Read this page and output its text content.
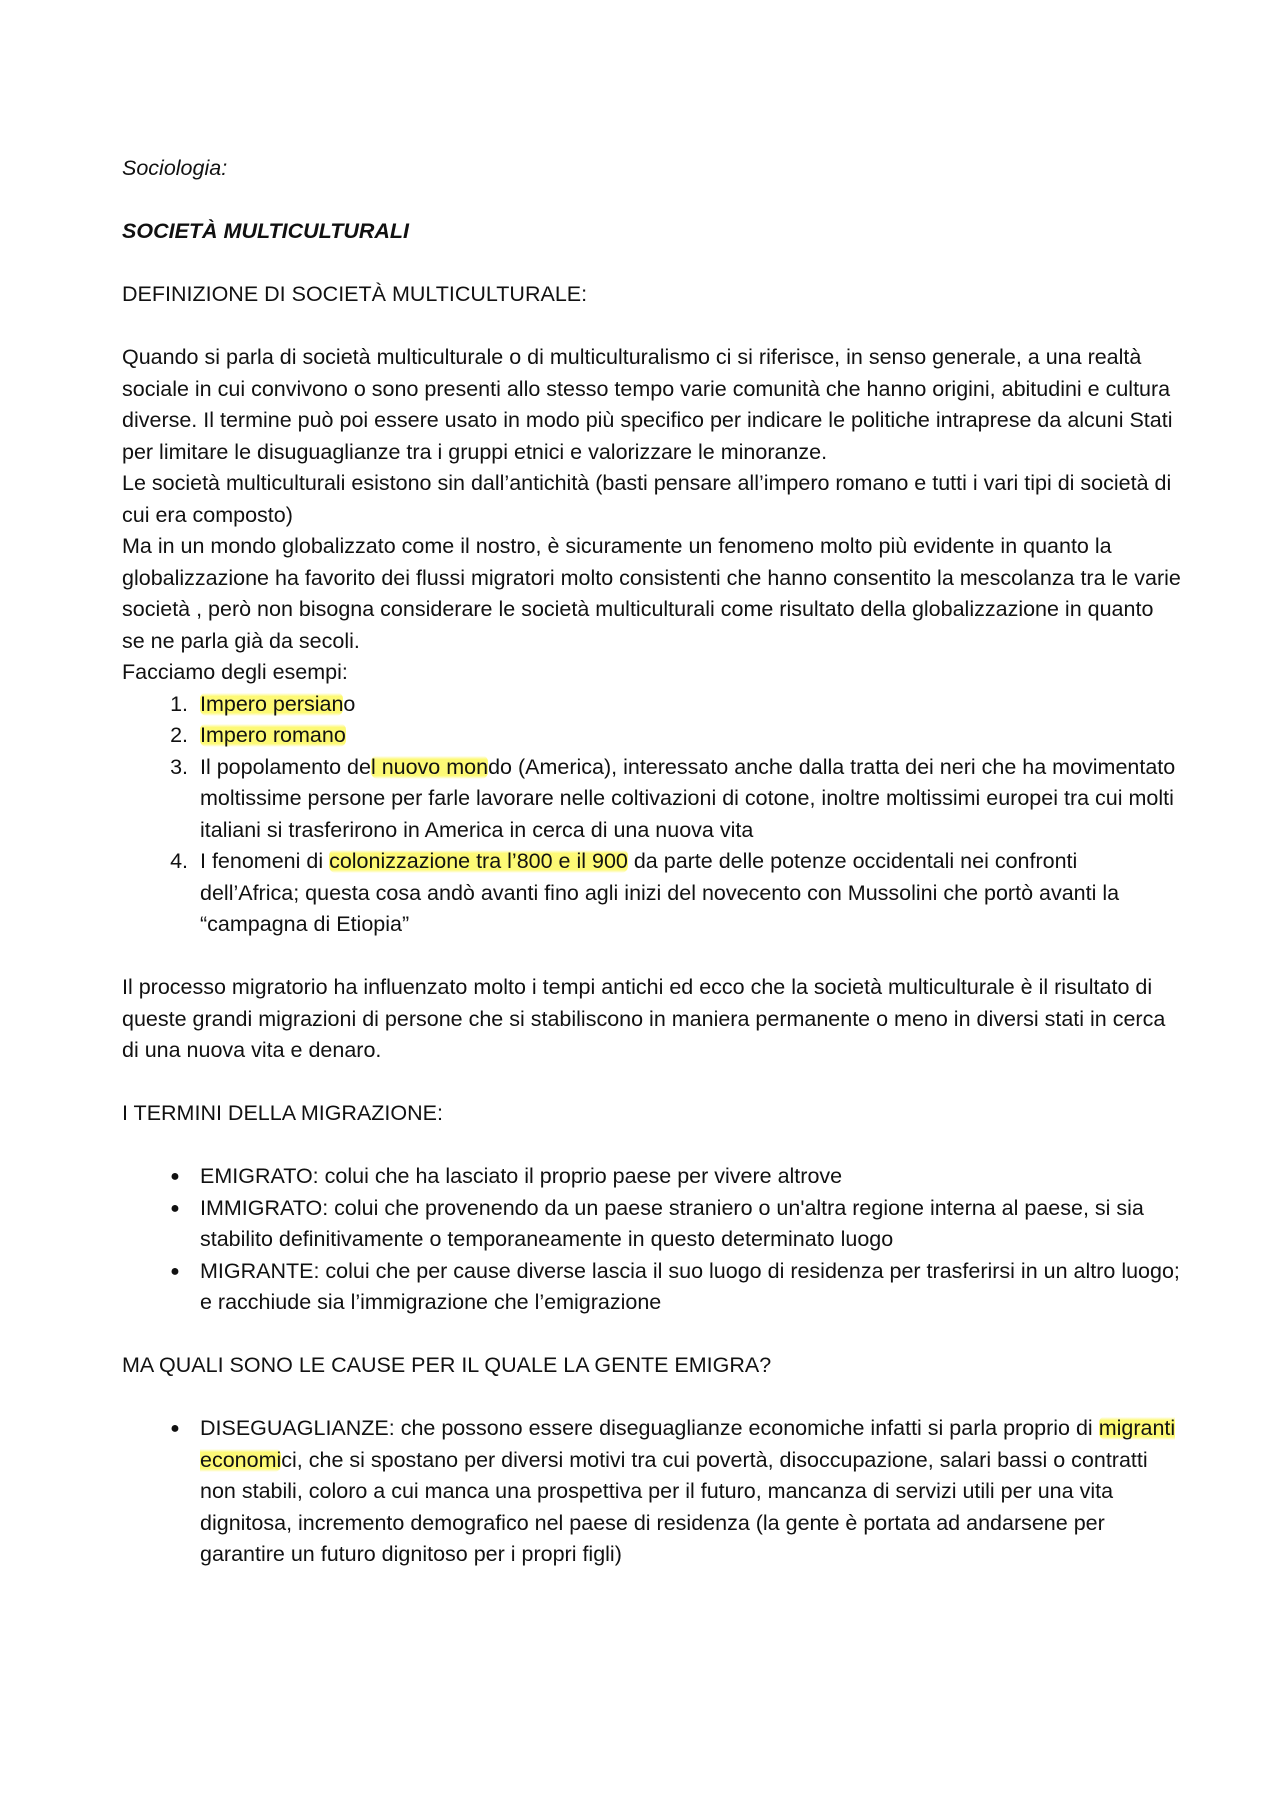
Sociologia:

SOCIETÀ MULTICULTURALI

DEFINIZIONE DI SOCIETÀ MULTICULTURALE:

Quando si parla di società multiculturale o di multiculturalismo ci si riferisce, in senso generale, a una realtà sociale in cui convivono o sono presenti allo stesso tempo varie comunità che hanno origini, abitudini e cultura diverse. Il termine può poi essere usato in modo più specifico per indicare le politiche intraprese da alcuni Stati per limitare le disuguaglianze tra i gruppi etnici e valorizzare le minoranze.

Le società multiculturali esistono sin dall’antichità (basti pensare all’impero romano e tutti i vari tipi di società di cui era composto)

Ma in un mondo globalizzato come il nostro, è sicuramente un fenomeno molto più evidente in quanto la globalizzazione ha favorito dei flussi migratori molto consistenti che hanno consentito la mescolanza tra le varie società , però non bisogna considerare le società multiculturali come risultato della globalizzazione in quanto se ne parla già da secoli.

Facciamo degli esempi:

1. Impero persiano
2. Impero romano
3. Il popolamento del nuovo mondo (America), interessato anche dalla tratta dei neri che ha movimentato moltissime persone per farle lavorare nelle coltivazioni di cotone, inoltre moltissimi europei tra cui molti italiani si trasferirono in America in cerca di una nuova vita
4. I fenomeni di colonizzazione tra l’800 e il 900 da parte delle potenze occidentali nei confronti dell’Africa; questa cosa andò avanti fino agli inizi del novecento con Mussolini che portò avanti la “campagna di Etiopia”

Il processo migratorio ha influenzato molto i tempi antichi ed ecco che la società multiculturale è il risultato di queste grandi migrazioni di persone che si stabiliscono in maniera permanente o meno in diversi stati in cerca di una nuova vita e denaro.

I TERMINI DELLA MIGRAZIONE:

● EMIGRATO: colui che ha lasciato il proprio paese per vivere altrove
● IMMIGRATO: colui che provenendo da un paese straniero o un'altra regione interna al paese, si sia stabilito definitivamente o temporaneamente in questo determinato luogo
● MIGRANTE: colui che per cause diverse lascia il suo luogo di residenza per trasferirsi in un altro luogo; e racchiude sia l’immigrazione che l’emigrazione

MA QUALI SONO LE CAUSE PER IL QUALE LA GENTE EMIGRA?

● DISEGUAGLIANZE: che possono essere diseguaglianze economiche infatti si parla proprio di migranti economici, che si spostano per diversi motivi tra cui povertà, disoccupazione, salari bassi o contratti non stabili, coloro a cui manca una prospettiva per il futuro, mancanza di servizi utili per una vita dignitosa, incremento demografico nel paese di residenza (la gente è portata ad andarsene per garantire un futuro dignitoso per i propri figli)
